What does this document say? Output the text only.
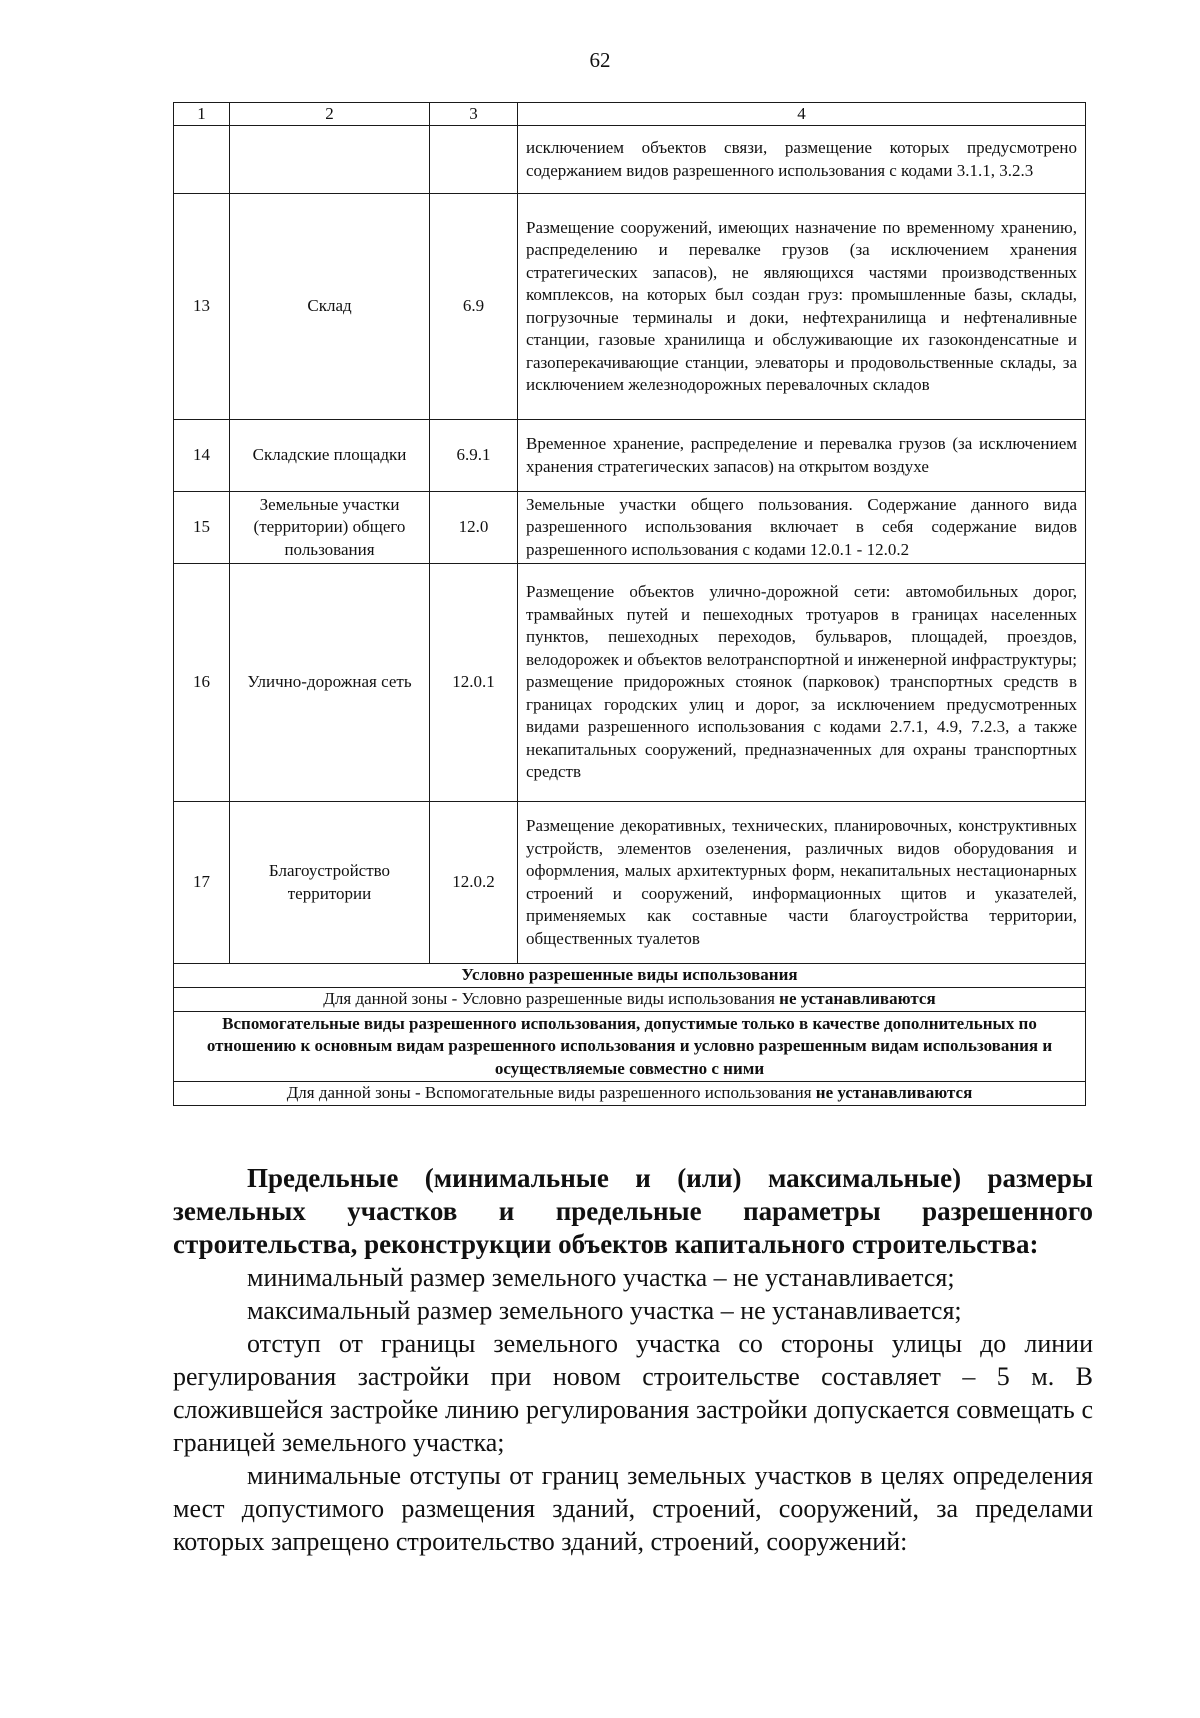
62
1	2	3	4
			исключением объектов связи, размещение которых предусмотрено содержанием видов разрешенного использования с кодами 3.1.1, 3.2.3
13	Склад	6.9	Размещение сооружений, имеющих назначение по временному хранению, распределению и перевалке грузов (за исключением хранения стратегических запасов), не являющихся частями производственных комплексов, на которых был создан груз: промышленные базы, склады, погрузочные терминалы и доки, нефтехранилища и нефтеналивные станции, газовые хранилища и обслуживающие их газоконденсатные и газоперекачивающие станции, элеваторы и продовольственные склады, за исключением железнодорожных перевалочных складов
14	Складские площадки	6.9.1	Временное хранение, распределение и перевалка грузов (за исключением хранения стратегических запасов) на открытом воздухе
15	Земельные участки (территории) общего пользования	12.0	Земельные участки общего пользования. Содержание данного вида разрешенного использования включает в себя содержание видов разрешенного использования с кодами 12.0.1 - 12.0.2
16	Улично-дорожная сеть	12.0.1	Размещение объектов улично-дорожной сети: автомобильных дорог, трамвайных путей и пешеходных тротуаров в границах населенных пунктов, пешеходных переходов, бульваров, площадей, проездов, велодорожек и объектов велотранспортной и инженерной инфраструктуры; размещение придорожных стоянок (парковок) транспортных средств в границах городских улиц и дорог, за исключением предусмотренных видами разрешенного использования с кодами 2.7.1, 4.9, 7.2.3, а также некапитальных сооружений, предназначенных для охраны транспортных средств
17	Благоустройство территории	12.0.2	Размещение декоративных, технических, планировочных, конструктивных устройств, элементов озеленения, различных видов оборудования и оформления, малых архитектурных форм, некапитальных нестационарных строений и сооружений, информационных щитов и указателей, применяемых как составные части благоустройства территории, общественных туалетов
Условно разрешенные виды использования			
Для данной зоны - Условно разрешенные виды использования не устанавливаются			
Вспомогательные виды разрешенного использования, допустимые только в качестве дополнительных по отношению к основным видам разрешенного использования и условно разрешенным видам использования и осуществляемые совместно с ними			
Для данной зоны - Вспомогательные виды разрешенного использования не устанавливаются			

Предельные (минимальные и (или) максимальные) размеры земельных участков и предельные параметры разрешенного строительства, реконструкции объектов капитального строительства:

минимальный размер земельного участка – не устанавливается;

максимальный размер земельного участка – не устанавливается;

отступ от границы земельного участка со стороны улицы до линии регулирования застройки при новом строительстве составляет – 5 м. В сложившейся застройке линию регулирования застройки допускается совмещать с границей земельного участка;

минимальные отступы от границ земельных участков в целях определения мест допустимого размещения зданий, строений, сооружений, за пределами которых запрещено строительство зданий, строений, сооружений:
